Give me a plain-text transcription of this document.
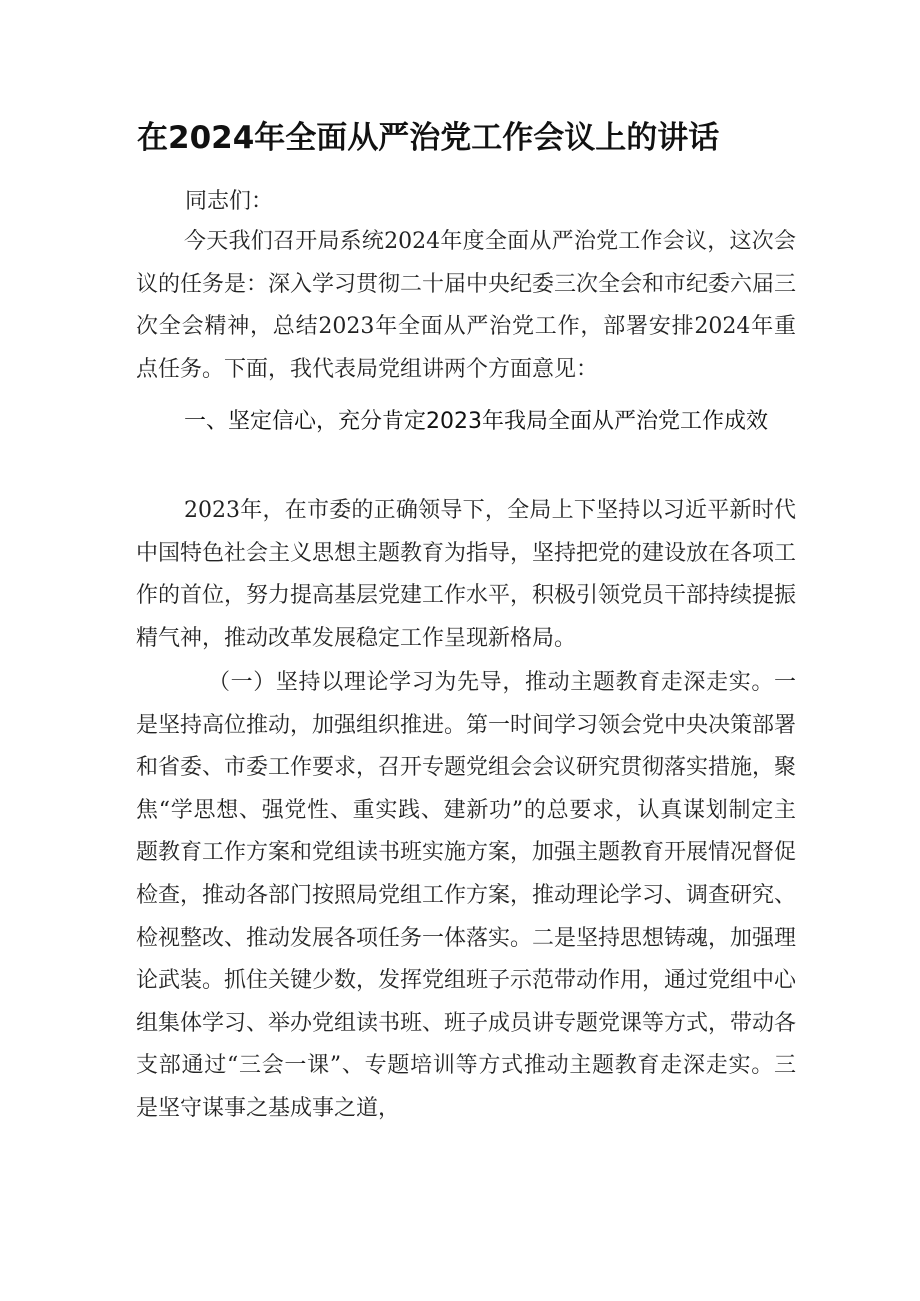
在2024年全面从严治党工作会议上的讲话

同志们：

今天我们召开局系统2024年度全面从严治党工作会议，这次会议的任务是：深入学习贯彻二十届中央纪委三次全会和市纪委六届三次全会精神，总结2023年全面从严治党工作，部署安排2024年重点任务。下面，我代表局党组讲两个方面意见：

一、坚定信心，充分肯定2023年我局全面从严治党工作成效

2023年，在市委的正确领导下，全局上下坚持以习近平新时代中国特色社会主义思想主题教育为指导，坚持把党的建设放在各项工作的首位，努力提高基层党建工作水平，积极引领党员干部持续提振精气神，推动改革发展稳定工作呈现新格局。

（一）坚持以理论学习为先导，推动主题教育走深走实。一是坚持高位推动，加强组织推进。第一时间学习领会党中央决策部署和省委、市委工作要求，召开专题党组会会议研究贯彻落实措施，聚焦“学思想、强党性、重实践、建新功”的总要求，认真谋划制定主题教育工作方案和党组读书班实施方案，加强主题教育开展情况督促检查，推动各部门按照局党组工作方案，推动理论学习、调查研究、检视整改、推动发展各项任务一体落实。二是坚持思想铸魂，加强理论武装。抓住关键少数，发挥党组班子示范带动作用，通过党组中心组集体学习、举办党组读书班、班子成员讲专题党课等方式，带动各支部通过“三会一课”、专题培训等方式推动主题教育走深走实。三是坚守谋事之基成事之道，
